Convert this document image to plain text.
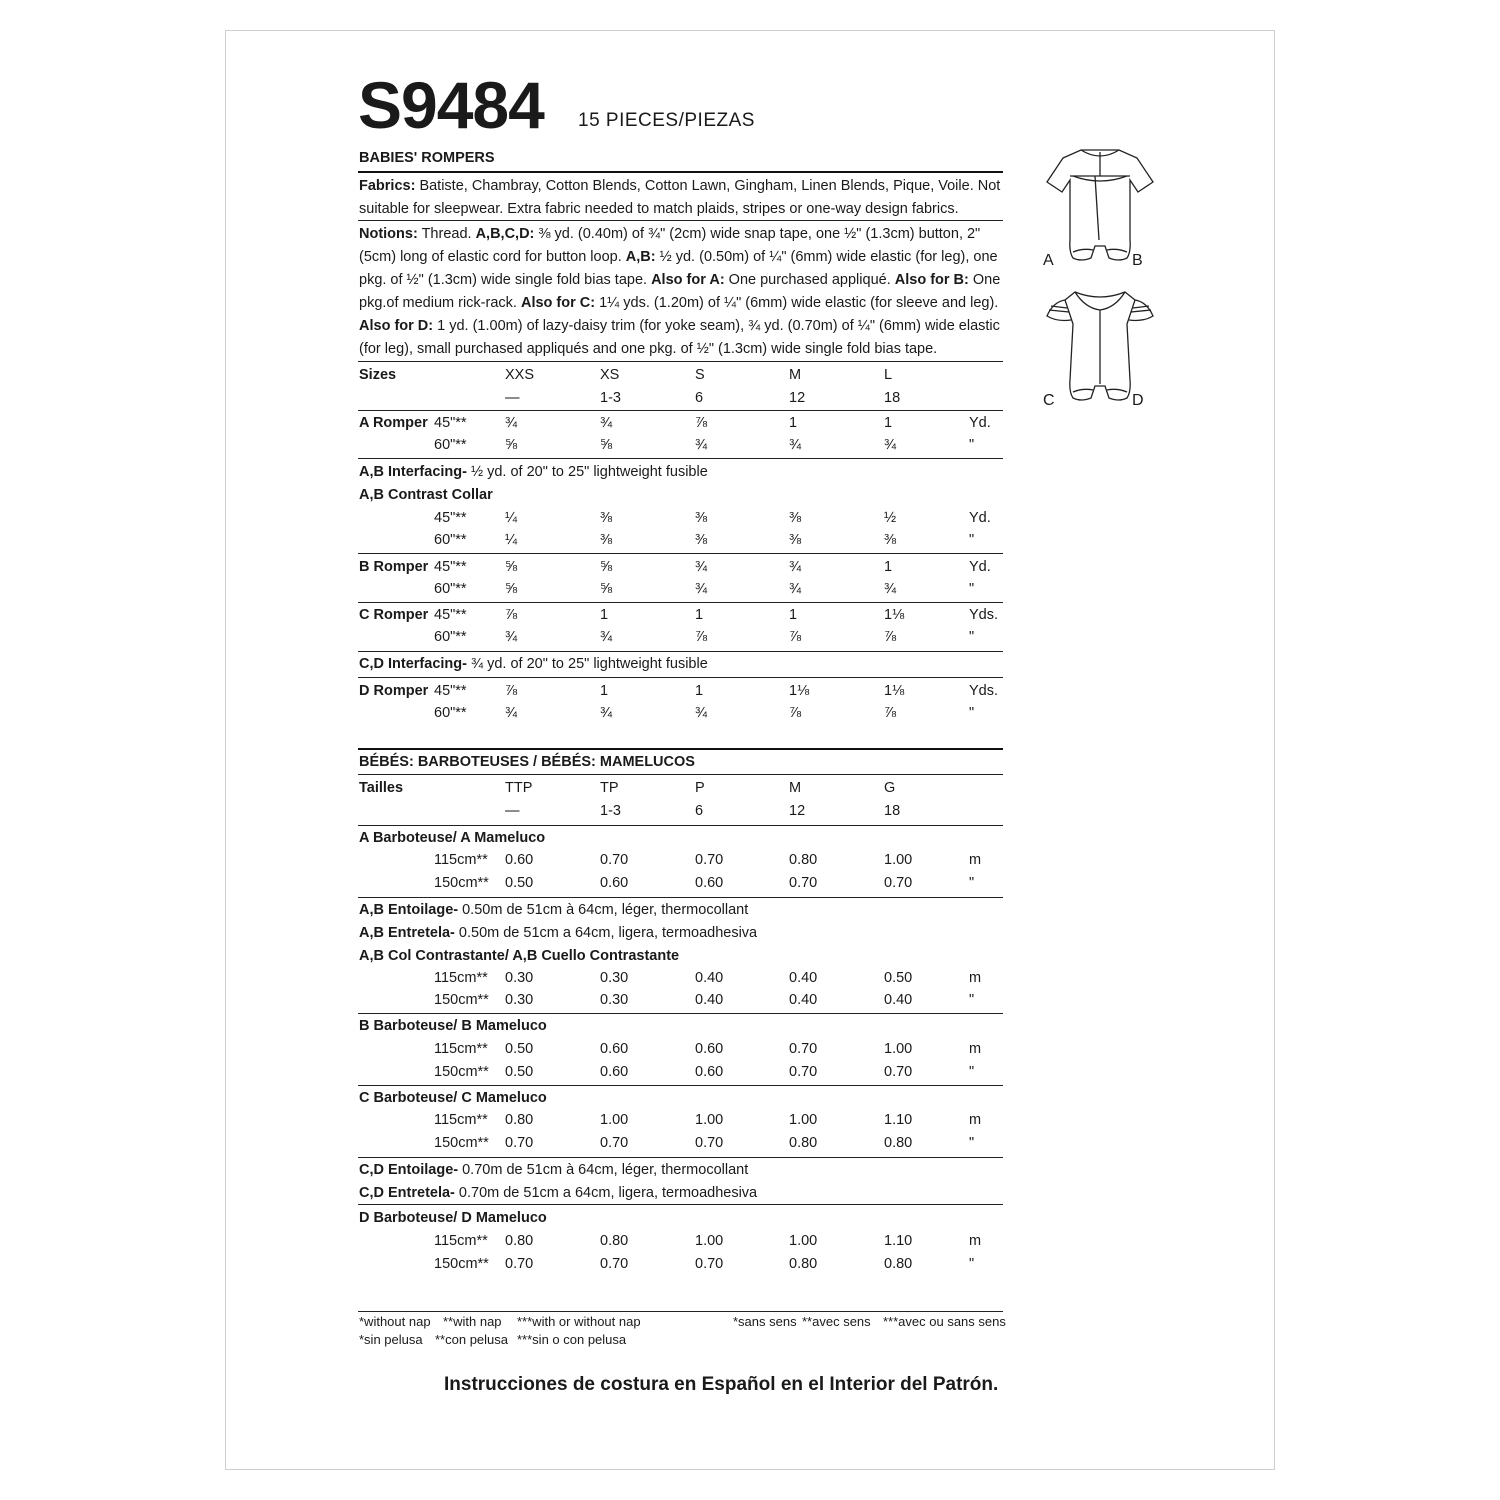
S9484 15 PIECES/PIEZAS
BABIES' ROMPERS
Fabrics: Batiste, Chambray, Cotton Blends, Cotton Lawn, Gingham, Linen Blends, Pique, Voile. Not suitable for sleepwear. Extra fabric needed to match plaids, stripes or one-way design fabrics.
Notions: Thread. A,B,C,D: ⅜ yd. (0.40m) of ¾" (2cm) wide snap tape, one ½" (1.3cm) button, 2" (5cm) long of elastic cord for button loop. A,B: ½ yd. (0.50m) of ¼" (6mm) wide elastic (for leg), one pkg. of ½" (1.3cm) wide single fold bias tape. Also for A: One purchased appliqué. Also for B: One pkg.of medium rick-rack. Also for C: 1¼ yds. (1.20m) of ¼" (6mm) wide elastic (for sleeve and leg). Also for D: 1 yd. (1.00m) of lazy-daisy trim (for yoke seam), ¾ yd. (0.70m) of ¼" (6mm) wide elastic (for leg), small purchased appliqués and one pkg. of ½" (1.3cm) wide single fold bias tape.
Sizes	XXS	XS	S	M	L
—	1-3	6	12	18
A Romper 45"**	¾	¾	⅞	1	1	Yd.
60"**	⅝	⅝	¾	¾	¾	"
A,B Interfacing- ½ yd. of 20" to 25" lightweight fusible
A,B Contrast Collar
45"**	¼	⅜	⅜	⅜	½	Yd.
60"**	¼	⅜	⅜	⅜	⅜	"
B Romper 45"**	⅝	⅝	¾	¾	1	Yd.
60"**	⅝	⅝	¾	¾	¾	"
C Romper 45"**	⅞	1	1	1	1⅛	Yds.
60"**	¾	¾	⅞	⅞	⅞	"
C,D Interfacing- ¾ yd. of 20" to 25" lightweight fusible
D Romper 45"**	⅞	1	1	1⅛	1⅛	Yds.
60"**	¾	¾	¾	⅞	⅞	"
BÉBÉS: BARBOTEUSES / BÉBÉS: MAMELUCOS
Tailles	TTP	TP	P	M	G
—	1-3	6	12	18
A Barboteuse/ A Mameluco
115cm** 0.60	0.70	0.70	0.80	1.00	m
150cm** 0.50	0.60	0.60	0.70	0.70	"
A,B Entoilage- 0.50m de 51cm à 64cm, léger, thermocollant
A,B Entretela- 0.50m de 51cm a 64cm, ligera, termoadhesiva
A,B Col Contrastante/ A,B Cuello Contrastante
115cm** 0.30	0.30	0.40	0.40	0.50	m
150cm** 0.30	0.30	0.40	0.40	0.40	"
B Barboteuse/ B Mameluco
115cm** 0.50	0.60	0.60	0.70	1.00	m
150cm** 0.50	0.60	0.60	0.70	0.70	"
C Barboteuse/ C Mameluco
115cm** 0.80	1.00	1.00	1.00	1.10	m
150cm** 0.70	0.70	0.70	0.80	0.80	"
C,D Entoilage- 0.70m de 51cm à 64cm, léger, thermocollant
C,D Entretela- 0.70m de 51cm a 64cm, ligera, termoadhesiva
D Barboteuse/ D Mameluco
115cm** 0.80	0.80	1.00	1.00	1.10	m
150cm** 0.70	0.70	0.70	0.80	0.80	"
*without nap **with nap ***with or without nap
*sin pelusa **con pelusa ***sin o con pelusa
*sans sens **avec sens ***avec ou sans sens
Instrucciones de costura en Español en el Interior del Patrón.
A	B
C	D
